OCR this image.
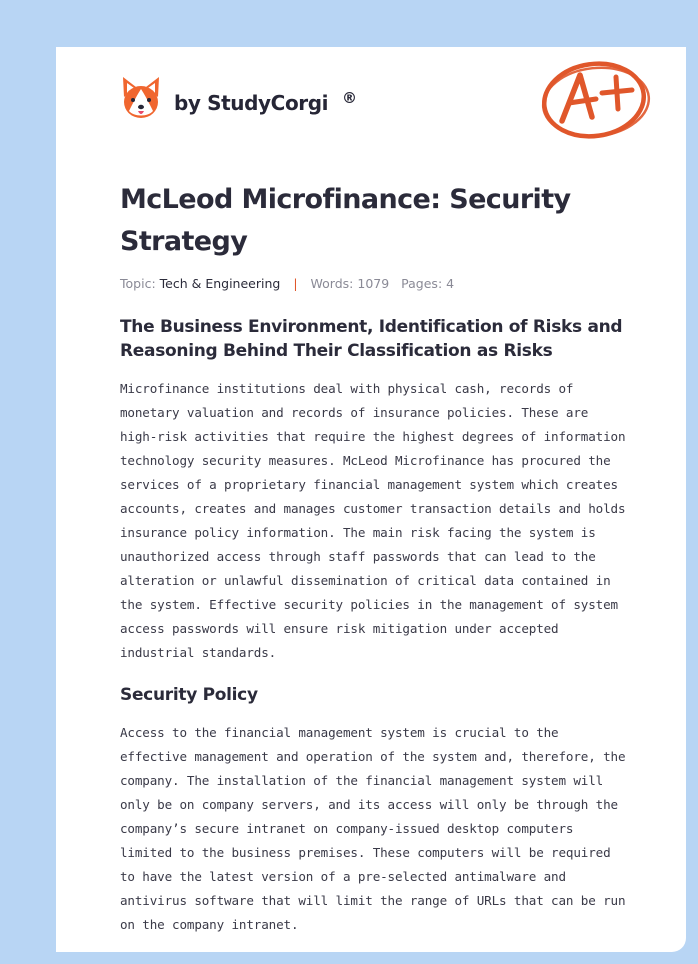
by StudyCorgi ®
McLeod Microfinance: Security Strategy
Topic: Tech & Engineering | Words: 1079 Pages: 4
The Business Environment, Identification of Risks and Reasoning Behind Their Classification as Risks

Microfinance institutions deal with physical cash, records of monetary valuation and records of insurance policies. These are high-risk activities that require the highest degrees of information technology security measures. McLeod Microfinance has procured the services of a proprietary financial management system which creates accounts, creates and manages customer transaction details and holds insurance policy information. The main risk facing the system is unauthorized access through staff passwords that can lead to the alteration or unlawful dissemination of critical data contained in the system. Effective security policies in the management of system access passwords will ensure risk mitigation under accepted industrial standards.

Security Policy

Access to the financial management system is crucial to the effective management and operation of the system and, therefore, the company. The installation of the financial management system will only be on company servers, and its access will only be through the company’s secure intranet on company-issued desktop computers limited to the business premises. These computers will be required to have the latest version of a pre-selected antimalware and antivirus software that will limit the range of URLs that can be run on the company intranet.
